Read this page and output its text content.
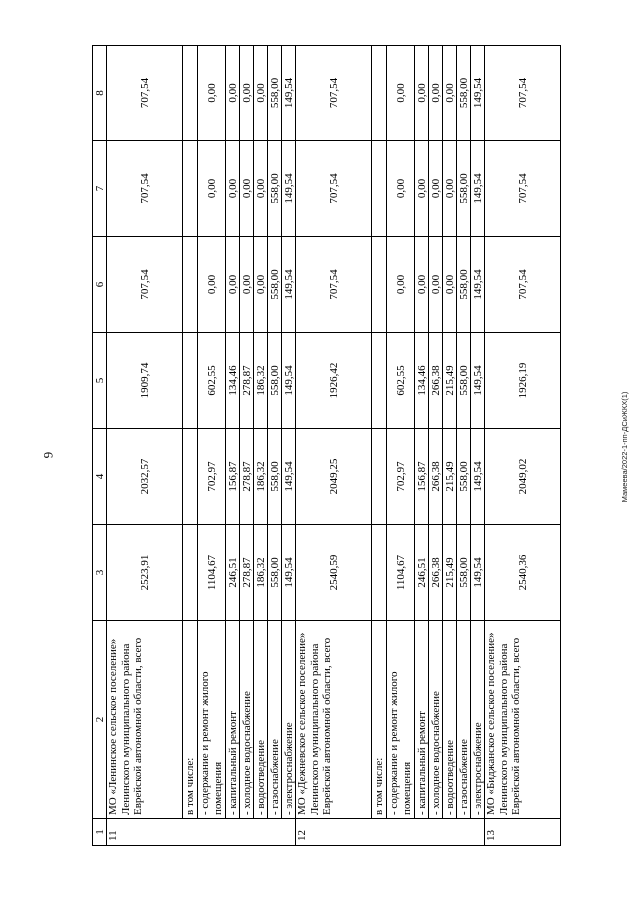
6
1	2	3	4	5	6	7	8
11	МО «Ленинское сельское поселение» Ленинского муниципального района Еврейской автономной области, всего	2523,91	2032,57	1909,74	707,54	707,54	707,54
	в том числе:						
	- содержание и ремонт жилого помещения	1104,67	702,97	602,55	0,00	0,00	0,00
	- капитальный ремонт	246,51	156,87	134,46	0,00	0,00	0,00
	- холодное водоснабжение	278,87	278,87	278,87	0,00	0,00	0,00
	- водоотведение	186,32	186,32	186,32	0,00	0,00	0,00
	- газоснабжение	558,00	558,00	558,00	558,00	558,00	558,00
	- электроснабжение	149,54	149,54	149,54	149,54	149,54	149,54
12	МО «Дежневское сельское поселение» Ленинского муниципального района Еврейской автономной области, всего	2540,59	2049,25	1926,42	707,54	707,54	707,54
	в том числе:						
	- содержание и ремонт жилого помещения	1104,67	702,97	602,55	0,00	0,00	0,00
	- капитальный ремонт	246,51	156,87	134,46	0,00	0,00	0,00
	- холодное водоснабжение	266,38	266,38	266,38	0,00	0,00	0,00
	- водоотведение	215,49	215,49	215,49	0,00	0,00	0,00
	- газоснабжение	558,00	558,00	558,00	558,00	558,00	558,00
	- электроснабжение	149,54	149,54	149,54	149,54	149,54	149,54
13	МО «Биджанское сельское поселение» Ленинского муниципального района Еврейской автономной области, всего	2540,36	2049,02	1926,19	707,54	707,54	707,54
Мамеева/2022-1-пп-ДСиЖКХ(1)
